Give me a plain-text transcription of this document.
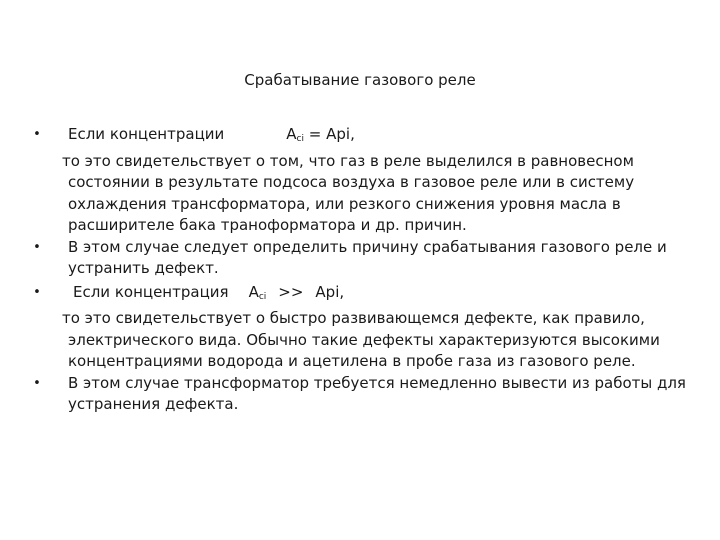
Срабатывание газового реле
• Если концентрации	$A_{ci}$ = Api,
то это свидетельствует о том, что газ в реле выделился в равновесном состоянии в результате подсоса воздуха в газовое реле или в систему охлаждения трансформатора, или резкого снижения уровня масла в расширителе бака траноформатора и др. причин.
• В этом случае следует определить причину срабатывания газового реле и устранить дефект.
•	Если концентрация $A_{ci}$ >> Api,
то это свидетельствует о быстро развивающемся дефекте, как правило, электрического вида. Обычно такие дефекты характеризуются высокими концентрациями водорода и ацетилена в пробе газа из газового реле.
• В этом случае трансформатор требуется немедленно вывести из работы для устранения дефекта.
